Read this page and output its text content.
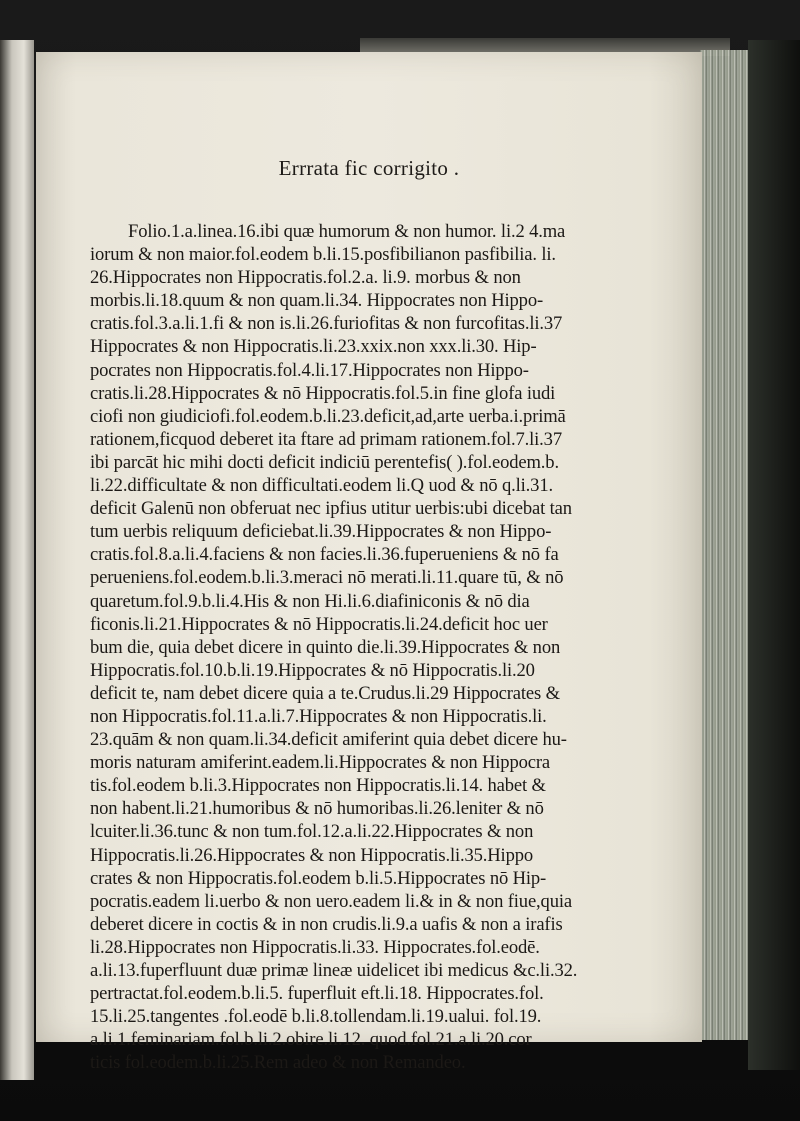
Errrata fic corrigito .
Folio.1.a.linea.16.ibi quæ humorum & non humor. li.2 4.ma
iorum & non maior.fol.eodem b.li.15.posfibilianon pasfibilia. li.
26.Hippocrates non Hippocratis.fol.2.a. li.9. morbus & non
morbis.li.18.quum & non quam.li.34. Hippocrates non Hippo-
cratis.fol.3.a.li.1.fi & non is.li.26.furiofitas & non furcofitas.li.37
Hippocrates & non Hippocratis.li.23.xxix.non xxx.li.30. Hip-
pocrates non Hippocratis.fol.4.li.17.Hippocrates non Hippo-
cratis.li.28.Hippocrates & nō Hippocratis.fol.5.in fine glofa iudi
ciofi non giudiciofi.fol.eodem.b.li.23.deficit,ad,arte uerba.i.primā
rationem,ficquod deberet ita ftare ad primam rationem.fol.7.li.37
ibi parcāt hic mihi docti deficit indiciū perentefis( ).fol.eodem.b.
li.22.difficultate & non difficultati.eodem li.Q uod & nō q.li.31.
deficit Galenū non obferuat nec ipfius utitur uerbis:ubi dicebat tan
tum uerbis reliquum deficiebat.li.39.Hippocrates & non Hippo-
cratis.fol.8.a.li.4.faciens & non facies.li.36.fuperueniens & nō fa
perueniens.fol.eodem.b.li.3.meraci nō merati.li.11.quare tū, & nō
quaretum.fol.9.b.li.4.His & non Hi.li.6.diafiniconis & nō dia
ficonis.li.21.Hippocrates & nō Hippocratis.li.24.deficit hoc uer
bum die, quia debet dicere in quinto die.li.39.Hippocrates & non
Hippocratis.fol.10.b.li.19.Hippocrates & nō Hippocratis.li.20
deficit te, nam debet dicere quia a te.Crudus.li.29 Hippocrates &
non Hippocratis.fol.11.a.li.7.Hippocrates & non Hippocratis.li.
23.quām & non quam.li.34.deficit amiferint quia debet dicere hu-
moris naturam amiferint.eadem.li.Hippocrates & non Hippocra
tis.fol.eodem b.li.3.Hippocrates non Hippocratis.li.14. habet &
non habent.li.21.humoribus & nō humoribas.li.26.leniter & nō
lcuiter.li.36.tunc & non tum.fol.12.a.li.22.Hippocrates & non
Hippocratis.li.26.Hippocrates & non Hippocratis.li.35.Hippo
crates & non Hippocratis.fol.eodem b.li.5.Hippocrates nō Hip-
pocratis.eadem li.uerbo & non uero.eadem li.& in & non fiue,quia
deberet dicere in coctis & in non crudis.li.9.a uafis & non a irafis
li.28.Hippocrates non Hippocratis.li.33. Hippocrates.fol.eodē.
a.li.13.fuperfluunt duæ primæ lineæ uidelicet ibi medicus &c.li.32.
pertractat.fol.eodem.b.li.5. fuperfluit eft.li.18. Hippocrates.fol.
15.li.25.tangentes .fol.eodē b.li.8.tollendam.li.19.ualui. fol.19.
a.li.1.feminariam.fol.b.li.2.obire.li.12. quod.fol.21.a.li.20.cor
ticis fol.eodem.b.li.25.Rem adeo & non Remandeo.
